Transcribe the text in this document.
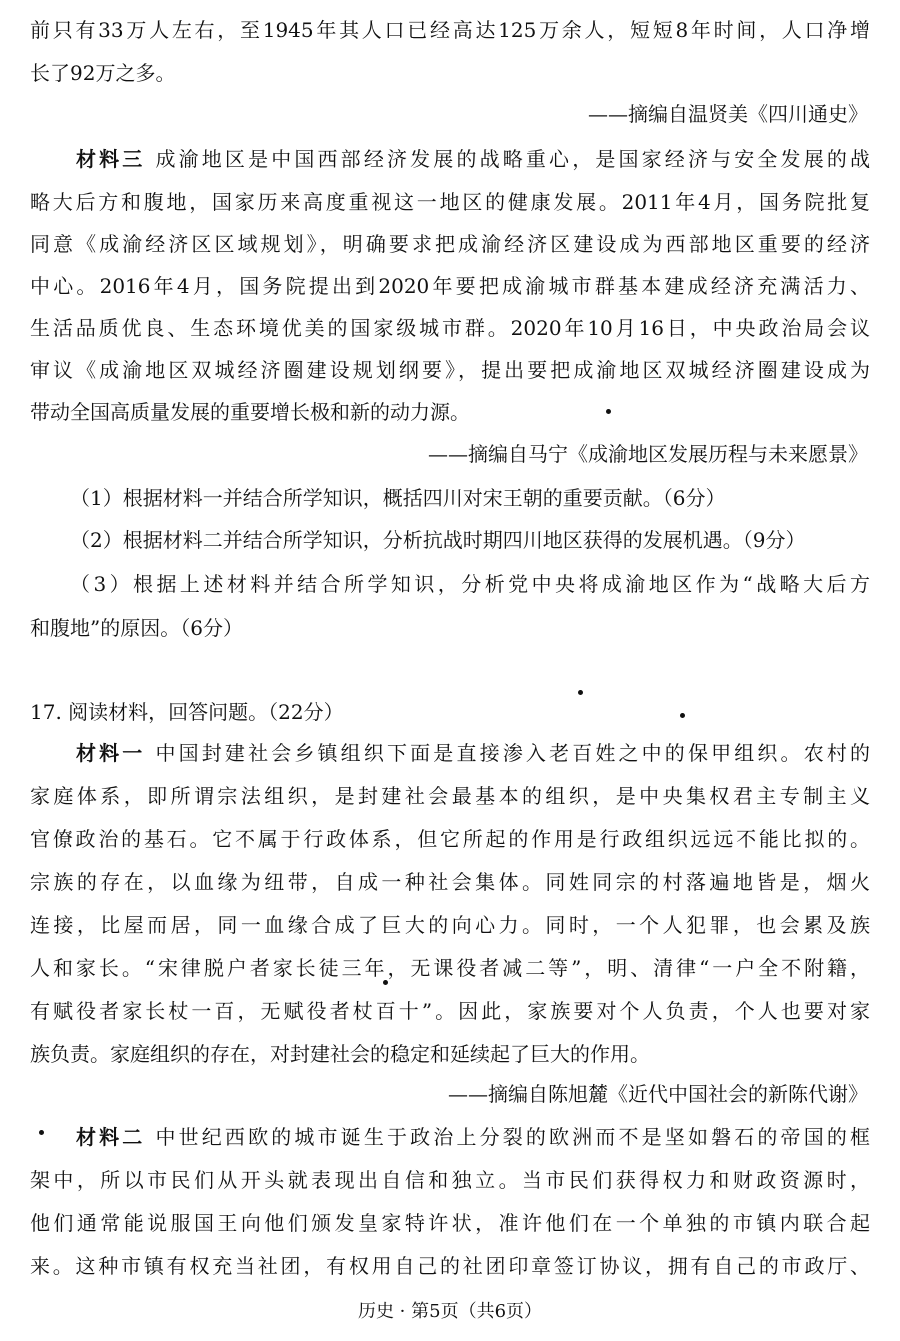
前只有33万人左右，至1945年其人口已经高达125万余人，短短8年时间，人口净增
长了92万之多。
——摘编自温贤美《四川通史》
材料三 成渝地区是中国西部经济发展的战略重心，是国家经济与安全发展的战
略大后方和腹地，国家历来高度重视这一地区的健康发展。2011年4月，国务院批复
同意《成渝经济区区域规划》，明确要求把成渝经济区建设成为西部地区重要的经济
中心。2016年4月，国务院提出到2020年要把成渝城市群基本建成经济充满活力、
生活品质优良、生态环境优美的国家级城市群。2020年10月16日，中央政治局会议
审议《成渝地区双城经济圈建设规划纲要》，提出要把成渝地区双城经济圈建设成为
带动全国高质量发展的重要增长极和新的动力源。
——摘编自马宁《成渝地区发展历程与未来愿景》
（1）根据材料一并结合所学知识，概括四川对宋王朝的重要贡献。（6分）
（2）根据材料二并结合所学知识，分析抗战时期四川地区获得的发展机遇。（9分）
（3）根据上述材料并结合所学知识，分析党中央将成渝地区作为“战略大后方
和腹地”的原因。（6分）
17. 阅读材料，回答问题。（22分）
材料一 中国封建社会乡镇组织下面是直接渗入老百姓之中的保甲组织。农村的
家庭体系，即所谓宗法组织，是封建社会最基本的组织，是中央集权君主专制主义
官僚政治的基石。它不属于行政体系，但它所起的作用是行政组织远远不能比拟的。
宗族的存在，以血缘为纽带，自成一种社会集体。同姓同宗的村落遍地皆是，烟火
连接，比屋而居，同一血缘合成了巨大的向心力。同时，一个人犯罪，也会累及族
人和家长。“宋律脱户者家长徒三年，无课役者减二等”，明、清律“一户全不附籍，
有赋役者家长杖一百，无赋役者杖百十”。因此，家族要对个人负责，个人也要对家
族负责。家庭组织的存在，对封建社会的稳定和延续起了巨大的作用。
——摘编自陈旭麓《近代中国社会的新陈代谢》
材料二 中世纪西欧的城市诞生于政治上分裂的欧洲而不是坚如磐石的帝国的框
架中，所以市民们从开头就表现出自信和独立。当市民们获得权力和财政资源时，
他们通常能说服国王向他们颁发皇家特许状，准许他们在一个单独的市镇内联合起
来。这种市镇有权充当社团，有权用自己的社团印章签订协议，拥有自己的市政厅、
历史 · 第5页（共6页）
